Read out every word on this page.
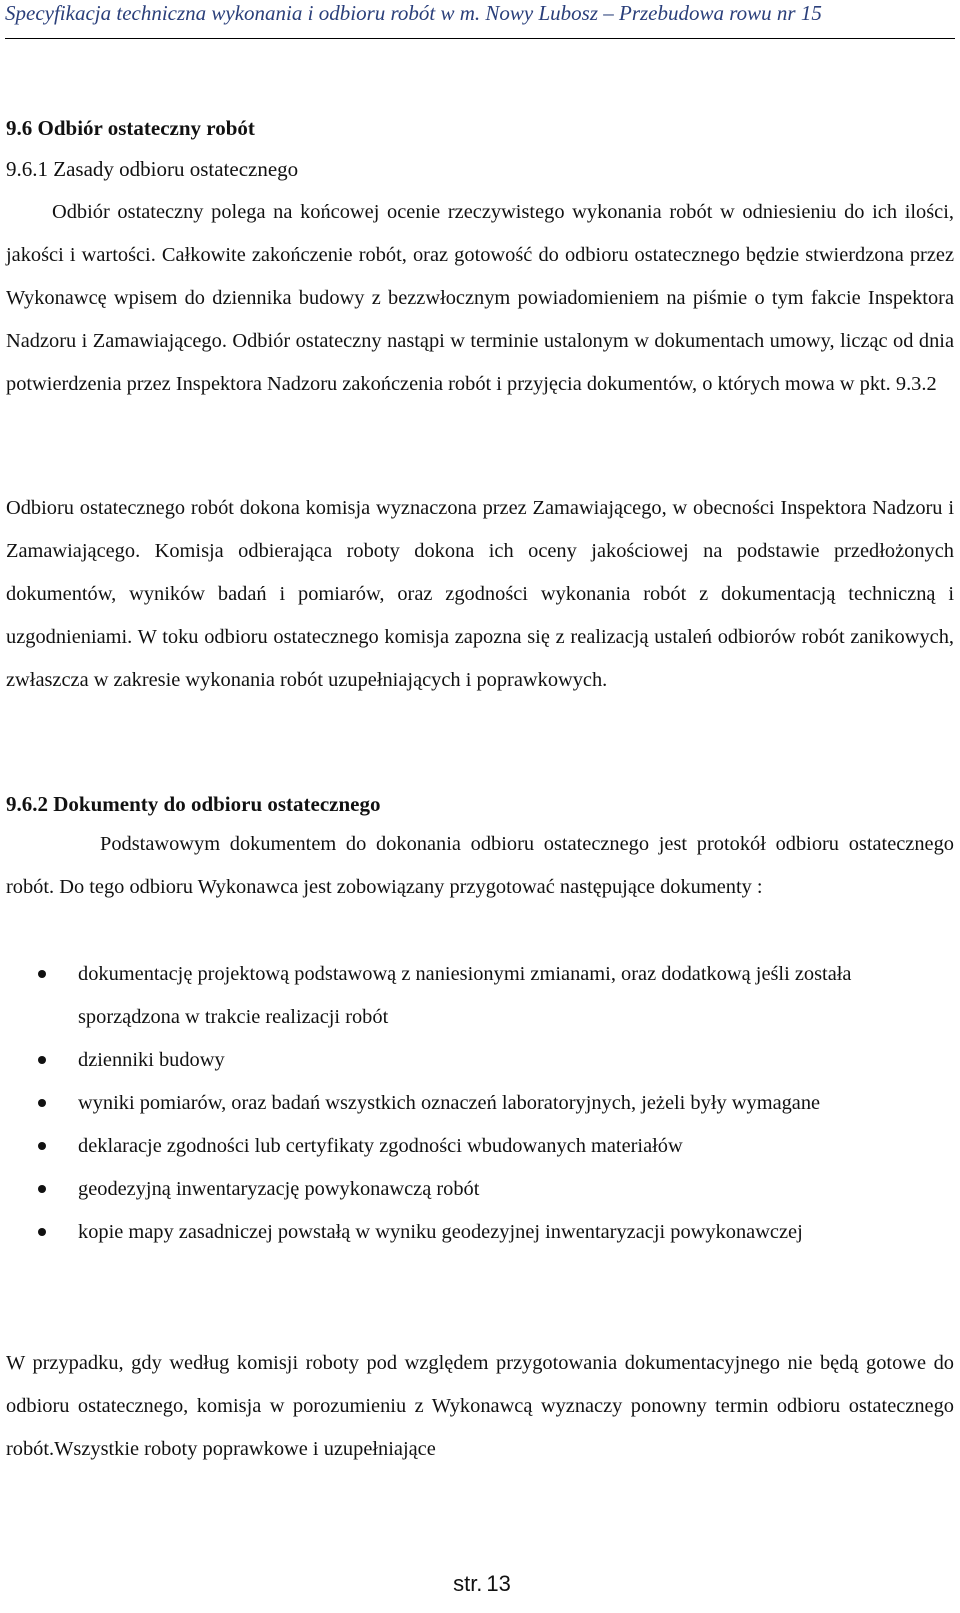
Specyfikacja techniczna wykonania i odbioru robót w m. Nowy Lubosz – Przebudowa rowu nr 15
9.6 Odbiór ostateczny robót
9.6.1 Zasady odbioru ostatecznego
Odbiór ostateczny polega na końcowej ocenie rzeczywistego wykonania robót w odniesieniu do ich ilości, jakości i wartości. Całkowite zakończenie robót, oraz gotowość do odbioru ostatecznego będzie stwierdzona przez Wykonawcę wpisem do dziennika budowy z bezzwłocznym powiadomieniem na piśmie o tym fakcie Inspektora Nadzoru i Zamawiającego. Odbiór ostateczny nastąpi w terminie ustalonym w dokumentach umowy, licząc od dnia potwierdzenia przez Inspektora Nadzoru zakończenia robót i przyjęcia dokumentów, o których mowa w pkt. 9.3.2
Odbioru ostatecznego robót dokona komisja wyznaczona przez Zamawiającego, w obecności Inspektora Nadzoru i Zamawiającego. Komisja odbierająca roboty dokona ich oceny jakościowej na podstawie przedłożonych dokumentów, wyników badań i pomiarów, oraz zgodności wykonania robót z dokumentacją techniczną i uzgodnieniami. W toku odbioru ostatecznego komisja zapozna się z realizacją ustaleń odbiorów robót zanikowych, zwłaszcza w zakresie wykonania robót uzupełniających i poprawkowych.
9.6.2 Dokumenty do odbioru ostatecznego
Podstawowym dokumentem do dokonania odbioru ostatecznego jest protokół odbioru ostatecznego robót. Do tego odbioru Wykonawca jest zobowiązany przygotować następujące dokumenty :
dokumentację projektową podstawową z naniesionymi zmianami, oraz dodatkową jeśli została sporządzona w trakcie realizacji robót
dzienniki budowy
wyniki pomiarów, oraz badań wszystkich oznaczeń laboratoryjnych, jeżeli były wymagane
deklaracje zgodności lub certyfikaty zgodności wbudowanych materiałów
geodezyjną inwentaryzację powykonawczą robót
kopie mapy zasadniczej powstałą w wyniku geodezyjnej inwentaryzacji powykonawczej
W przypadku, gdy według komisji roboty pod względem przygotowania dokumentacyjnego nie będą gotowe do odbioru ostatecznego, komisja w porozumieniu z Wykonawcą wyznaczy ponowny termin odbioru ostatecznego robót.Wszystkie roboty poprawkowe i uzupełniające
str. 13
